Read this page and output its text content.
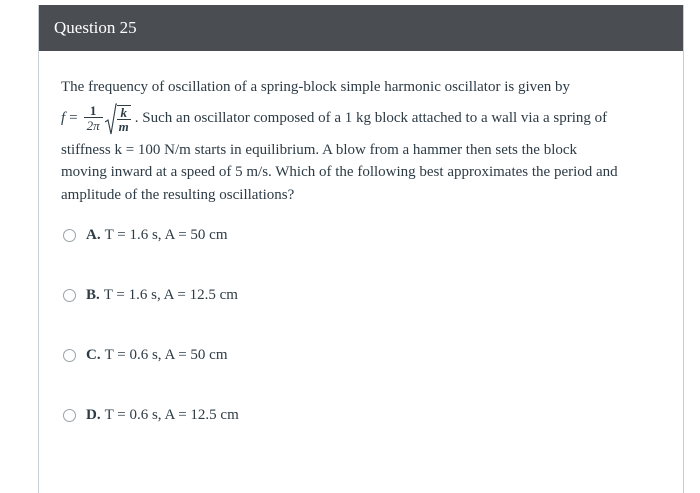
Question 25
The frequency of oscillation of a spring-block simple harmonic oscillator is given by
$f = \frac{1}{2\pi} \frac{k}{m}$ . Such an oscillator composed of a 1 kg block attached to a wall via a spring of
stiffness k = 100 N/m starts in equilibrium. A blow from a hammer then sets the block
moving inward at a speed of 5 m/s. Which of the following best approximates the period and
amplitude of the resulting oscillations?
A. T = 1.6 s, A = 50 cm
B. T = 1.6 s, A = 12.5 cm
C. T = 0.6 s, A = 50 cm
D. T = 0.6 s, A = 12.5 cm
